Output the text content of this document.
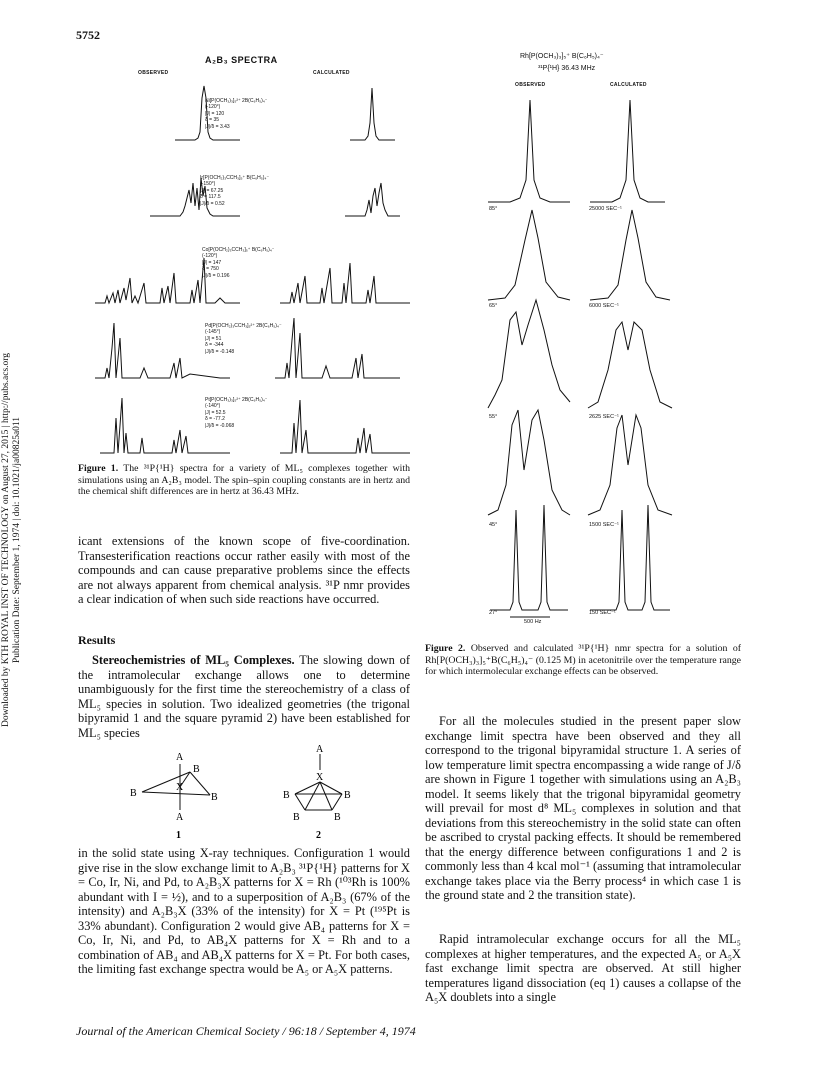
5752
Downloaded by KTH ROYAL INST OF TECHNOLOGY on August 27, 2015 | http://pubs.acs.org Publication Date: September 1, 1974 | doi: 10.1021/ja00825a011
A₂B₃ SPECTRA
OBSERVED	CALCULATED
Ni[P(OCH₃)₃]₅²⁺ 2B(C₆H₅)₄⁻
(-120°)
|J| = 120
δ = 35
|J|/δ = 3.43
Ir[P(OCH₂)₃CCH₃]₅⁺ B(C₆H₅)₄⁻
(-150°)
|J| = 67.25
δ = 117.5
|J|/δ = 0.52
Co[P(OCH₂)₃CCH₃]₅⁺ B(C₆H₅)₄⁻
(-120°)
|J| = 147
δ = 750
|J|/δ = 0.196
Pd[P(OCH₂)₃CCH₃]₅²⁺ 2B(C₆H₅)₄⁻
(-145°)
|J| = 51
δ = -344
|J|/δ = -0.148
Pt[P(OCH₃)₃]₅²⁺ 2B(C₆H₅)₄⁻
(-140°)
|J| = 52.5
δ = -77.2
|J|/δ = -0.068
Figure 1. The ³¹P{¹H} spectra for a variety of ML₅ complexes together with simulations using an A₂B₃ model. The spin–spin coupling constants are in hertz and the chemical shift differences are in hertz at 36.43 MHz.
icant extensions of the known scope of five-coordination. Transesterification reactions occur rather easily with most of the compounds and can cause preparative problems since the effects are not always apparent from chemical analysis. ³¹P nmr provides a clear indication of when such side reactions have occurred.
Results
Stereochemistries of ML₅ Complexes. The slowing down of the intramolecular exchange allows one to determine unambiguously for the first time the stereochemistry of a class of ML₅ species in solution. Two idealized geometries (the trigonal bipyramid 1 and the square pyramid 2) have been established for ML₅ species
A
B
B	B
X
A
A
X
B	B
B	B
1	2
in the solid state using X-ray techniques. Configuration 1 would give rise in the slow exchange limit to A₂B₃ ³¹P{¹H} patterns for X = Co, Ir, Ni, and Pd, to A₂B₃X patterns for X = Rh (¹⁰³Rh is 100% abundant with I = ½), and to a superposition of A₂B₃ (67% of the intensity) and A₂B₃X (33% of the intensity) for X = Pt (¹⁹⁵Pt is 33% abundant). Configuration 2 would give AB₄ patterns for X = Co, Ir, Ni, and Pd, to AB₄X patterns for X = Rh and to a combination of AB₄ and AB₄X patterns for X = Pt. For both cases, the limiting fast exchange spectra would be A₅ or A₅X patterns.
Rh[P(OCH₃)₃]₅⁺ B(C₆H₅)₄⁻
³¹P{¹H} 36.43 MHz
OBSERVED	CALCULATED
85°
65°
55°
45°
27°
25000 SEC⁻¹
6000 SEC⁻¹
2625 SEC⁻¹
1500 SEC⁻¹
150 SEC⁻¹
500 Hz
Figure 2. Observed and calculated ³¹P{¹H} nmr spectra for a solution of Rh[P(OCH₃)₃]₅⁺B(C₆H₅)₄⁻ (0.125 M) in acetonitrile over the temperature range for which intermolecular exchange effects can be observed.
For all the molecules studied in the present paper slow exchange limit spectra have been observed and they all correspond to the trigonal bipyramidal structure 1. A series of low temperature limit spectra encompassing a wide range of J/δ are shown in Figure 1 together with simulations using an A₂B₃ model. It seems likely that the trigonal bipyramidal geometry will prevail for most d⁸ ML₅ complexes in solution and that deviations from this stereochemistry in the solid state can often be ascribed to crystal packing effects. It should be remembered that the energy difference between configurations 1 and 2 is commonly less than 4 kcal mol⁻¹ (assuming that intramolecular exchange takes place via the Berry process⁴ in which case 1 is the ground state and 2 the transition state).
Rapid intramolecular exchange occurs for all the ML₅ complexes at higher temperatures, and the expected A₅ or A₅X fast exchange limit spectra are observed. At still higher temperatures ligand dissociation (eq 1) causes a collapse of the A₅X doublets into a single
Journal of the American Chemical Society / 96:18 / September 4, 1974
